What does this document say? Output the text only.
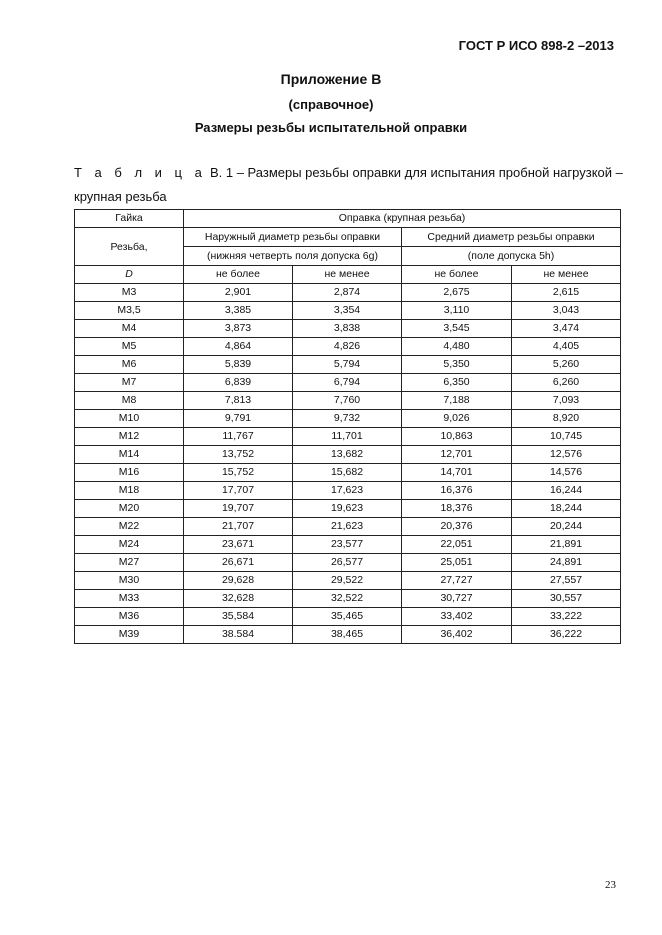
ГОСТ Р ИСО 898-2 –2013
Приложение В
(справочное)
Размеры резьбы испытательной оправки
Т а б л и ц а В. 1 – Размеры резьбы оправки для испытания пробной нагрузкой –
крупная резьба
Гайка	Оправка (крупная резьба)			
Резьба,	Наружный диаметр резьбы оправки		Средний диаметр резьбы оправки	

	(нижняя четверть поля допуска 6g)		(поле допуска 5h)	
D	не более	не менее	не более	не менее
M3	2,901	2,874	2,675	2,615
M3,5	3,385	3,354	3,110	3,043
M4	3,873	3,838	3,545	3,474
M5	4,864	4,826	4,480	4,405
M6	5,839	5,794	5,350	5,260
M7	6,839	6,794	6,350	6,260
M8	7,813	7,760	7,188	7,093
M10	9,791	9,732	9,026	8,920
M12	11,767	11,701	10,863	10,745
M14	13,752	13,682	12,701	12,576
M16	15,752	15,682	14,701	14,576
M18	17,707	17,623	16,376	16,244
M20	19,707	19,623	18,376	18,244
M22	21,707	21,623	20,376	20,244
M24	23,671	23,577	22,051	21,891
M27	26,671	26,577	25,051	24,891
M30	29,628	29,522	27,727	27,557
M33	32,628	32,522	30,727	30,557
M36	35,584	35,465	33,402	33,222
M39	38.584	38,465	36,402	36,222
23
